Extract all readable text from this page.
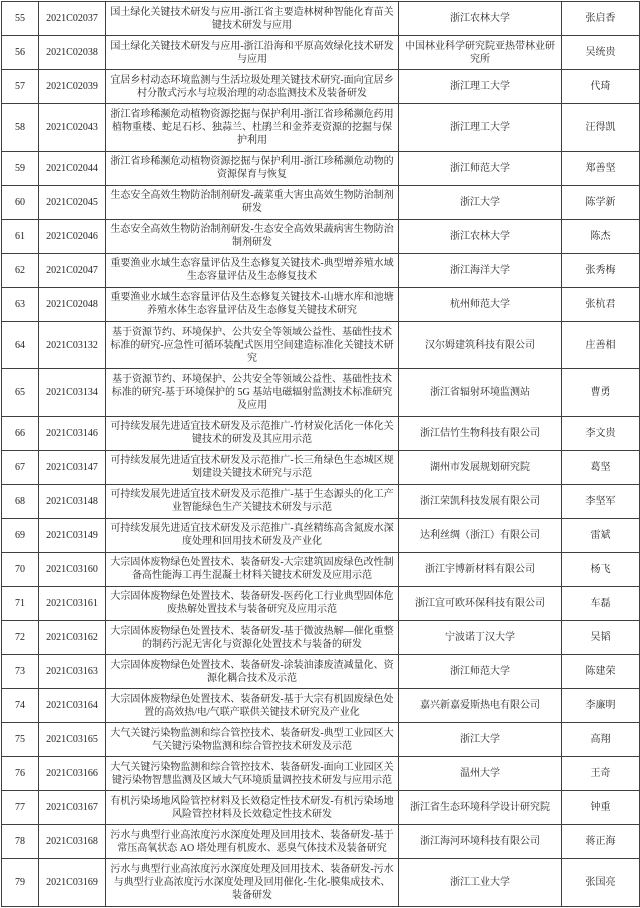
55	2021C02037	国土绿化关键技术研发与应用-浙江省主要造林树种智能化育苗关键技术研发与应用	浙江农林大学	张启香
56	2021C02038	国土绿化关键技术研发与应用-浙江沿海和平原高效绿化技术研发与应用	中国林业科学研究院亚热带林业研究所	吴统贵
57	2021C02039	宜居乡村动态环境监测与生活垃圾处理关键技术研究-面向宜居乡村分散式污水与垃圾治理的动态监测技术及装备研发	浙江理工大学	代琦
58	2021C02043	浙江省珍稀濒危动植物资源挖掘与保护利用-浙江省珍稀濒危药用植物重楼、蛇足石杉、独蒜兰、杜鹃兰和金荞麦资源的挖掘与保护利用	浙江理工大学	汪得凯
59	2021C02044	浙江省珍稀濒危动植物资源挖掘与保护利用-浙江珍稀濒危动物的资源保育与恢复	浙江师范大学	郑善坚
60	2021C02045	生态安全高效生物防治制剂研发-蔬菜重大害虫高效生物防治制剂研发	浙江大学	陈学新
61	2021C02046	生态安全高效生物防治制剂研发-生态安全高效果蔬病害生物防治制剂研发	浙江农林大学	陈杰
62	2021C02047	重要渔业水域生态容量评估及生态修复关键技术-典型增养殖水域生态容量评估及生态修复技术	浙江海洋大学	张秀梅
63	2021C02048	重要渔业水域生态容量评估及生态修复关键技术-山塘水库和池塘养殖水体生态容量评估及生态修复关键技术研究	杭州师范大学	张杭君
64	2021C03132	基于资源节约、环境保护、公共安全等领域公益性、基础性技术标准的研究-应急性可循环装配式医用空间建造标准化关键技术研究	汉尔姆建筑科技有限公司	庄善相
65	2021C03134	基于资源节约、环境保护、公共安全等领域公益性、基础性技术标准的研究-基于环境保护的 5G 基站电磁辐射监测技术标准研究及应用	浙江省辐射环境监测站	曹勇
66	2021C03146	可持续发展先进适宜技术研发及示范推广-竹材炭化活化一体化关键技术的研发及其应用示范	浙江佶竹生物科技有限公司	李文贵
67	2021C03147	可持续发展先进适宜技术研发及示范推广-长三角绿色生态城区规划建设关键技术研究与示范	湖州市发展规划研究院	葛坚
68	2021C03148	可持续发展先进适宜技术研发及示范推广-基于生态源头的化工产业智能绿色生产关键技术研发与示范	浙江荣凯科技发展有限公司	李坚军
69	2021C03149	可持续发展先进适宜技术研发及示范推广-真丝精练高含氮废水深度处理和回用技术研发及产业化	达利丝绸（浙江）有限公司	雷斌
70	2021C03160	大宗固体废物绿色处置技术、装备研发-大宗建筑固废绿色改性制备高性能海工再生混凝土材料关键技术研发及应用示范	浙江宇博新材料有限公司	杨飞
71	2021C03161	大宗固体废物绿色处置技术、装备研发-医药化工行业典型固体危废热解处置技术与装备研究及应用示范	浙江宜可欧环保科技有限公司	车磊
72	2021C03162	大宗固体废物绿色处置技术、装备研发-基于微波热解—催化重整的制药污泥无害化与资源化处置技术与装备的研发	宁波诺丁汉大学	吴韬
73	2021C03163	大宗固体废物绿色处置技术、装备研发-涂装油漆废渣减量化、资源化耦合技术及示范	浙江师范大学	陈建荣
74	2021C03164	大宗固体废物绿色处置技术、装备研发-基于大宗有机固废绿色处置的高效热/电/气联产联供关键技术研究及产业化	嘉兴新嘉爱斯热电有限公司	李廉明
75	2021C03165	大气关键污染物监测和综合管控技术、装备研发-典型工业园区大气关键污染物监测和综合管控技术研发及示范	浙江大学	高翔
76	2021C03166	大气关键污染物监测和综合管控技术、装备研发-面向工业园区关键污染物智慧监测及区域大气环境质量调控技术研发与应用示范	温州大学	王奇
77	2021C03167	有机污染场地风险管控材料及长效稳定性技术研发-有机污染场地风险管控材料及长效稳定性技术研发	浙江省生态环境科学设计研究院	钟重
78	2021C03168	污水与典型行业高浓度污水深度处理及回用技术、装备研发-基于常压高氧状态 AO 塔处理有机废水、恶臭气体技术及装备研究	浙江海河环境科技有限公司	蒋正海
79	2021C03169	污水与典型行业高浓度污水深度处理及回用技术、装备研发-污水与典型行业高浓度污水深度处理及回用催化-生化-膜集成技术、装备研发	浙江工业大学	张国亮
